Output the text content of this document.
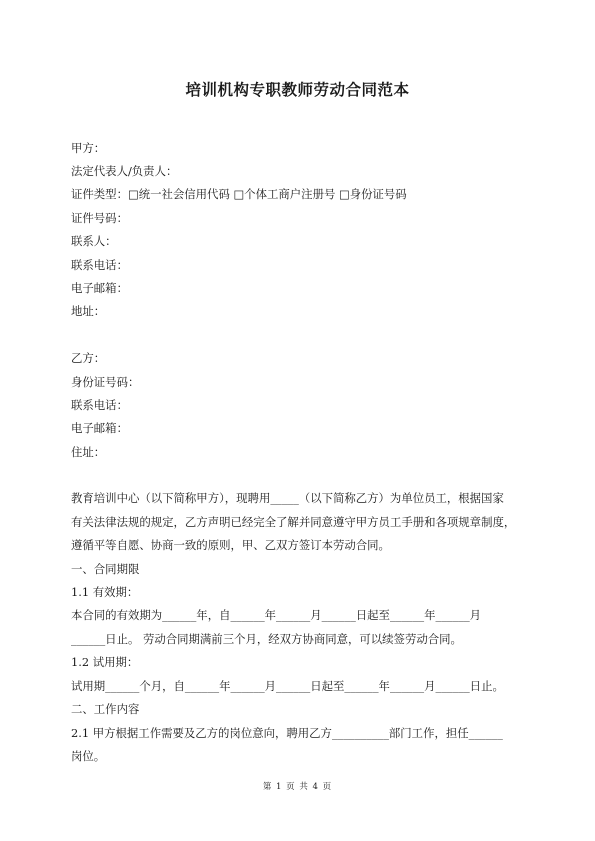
培训机构专职教师劳动合同范本
甲方：
法定代表人/负责人：
证件类型：□统一社会信用代码 □个体工商户注册号 □身份证号码
证件号码：
联系人：
联系电话：
电子邮箱：
地址：
乙方：
身份证号码：
联系电话：
电子邮箱：
住址：
教育培训中心（以下简称甲方），现聘用_____（以下简称乙方）为单位员工，根据国家
有关法律法规的规定，乙方声明已经完全了解并同意遵守甲方员工手册和各项规章制度，
遵循平等自愿、协商一致的原则，甲、乙双方签订本劳动合同。
一、合同期限
1.1 有效期：
本合同的有效期为______年，自______年______月______日起至______年______月
______日止。 劳动合同期满前三个月，经双方协商同意，可以续签劳动合同。
1.2 试用期：
试用期______个月，自______年______月______日起至______年______月______日止。
二、工作内容
2.1 甲方根据工作需要及乙方的岗位意向，聘用乙方__________部门工作，担任______
岗位。
第 1 页 共 4 页
